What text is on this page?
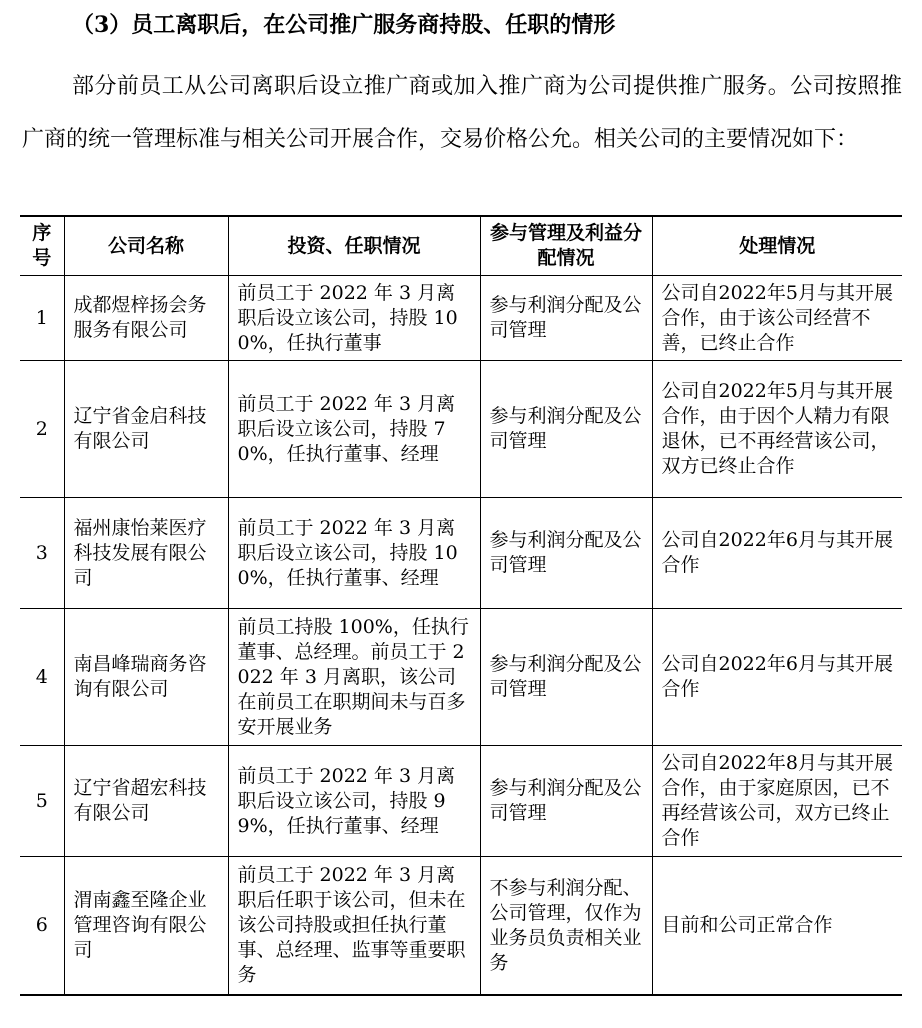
（3）员工离职后，在公司推广服务商持股、任职的情形

部分前员工从公司离职后设立推广商或加入推广商为公司提供推广服务。公司按照推广商的统一管理标准与相关公司开展合作，交易价格公允。相关公司的主要情况如下：

序号	公司名称	投资、任职情况	参与管理及利益分配情况	处理情况
1	成都煜梓扬会务服务有限公司	前员工于 2022 年 3 月离职后设立该公司，持股 100%，任执行董事	参与利润分配及公司管理	公司自2022年5月与其开展合作，由于该公司经营不善，已终止合作
2	辽宁省金启科技有限公司	前员工于 2022 年 3 月离职后设立该公司，持股 70%，任执行董事、经理	参与利润分配及公司管理	公司自2022年5月与其开展合作，由于因个人精力有限退休，已不再经营该公司，双方已终止合作
3	福州康怡莱医疗科技发展有限公司	前员工于 2022 年 3 月离职后设立该公司，持股 100%，任执行董事、经理	参与利润分配及公司管理	公司自2022年6月与其开展合作
4	南昌峰瑞商务咨询有限公司	前员工持股 100%，任执行董事、总经理。前员工于 2022 年 3 月离职，该公司在前员工在职期间未与百多安开展业务	参与利润分配及公司管理	公司自2022年6月与其开展合作
5	辽宁省超宏科技有限公司	前员工于 2022 年 3 月离职后设立该公司，持股 99%，任执行董事、经理	参与利润分配及公司管理	公司自2022年8月与其开展合作，由于家庭原因，已不再经营该公司，双方已终止合作
6	渭南鑫至隆企业管理咨询有限公司	前员工于 2022 年 3 月离职后任职于该公司，但未在该公司持股或担任执行董事、总经理、监事等重要职务	不参与利润分配、公司管理，仅作为业务员负责相关业务	目前和公司正常合作
